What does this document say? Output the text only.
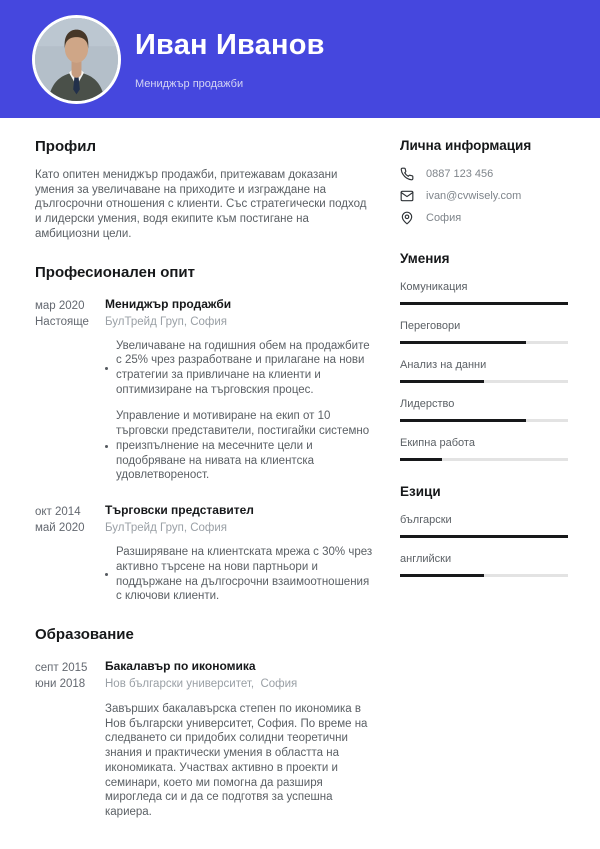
Иван Иванов
Мениджър продажби
Профил

Като опитен мениджър продажби, притежавам доказани умения за увеличаване на приходите и изграждане на дългосрочни отношения с клиенти. Със стратегически подход и лидерски умения, водя екипите към постигане на амбициозни цели.

Професионален опит
мар 2020
Настояще
Мениджър продажби
БулТрейд Груп, София
Увеличаване на годишния обем на продажбите с 25% чрез разработване и прилагане на нови стратегии за привличане на клиенти и оптимизиране на търговския процес.
Управление и мотивиране на екип от 10 търговски представители, постигайки системно преизпълнение на месечните цели и подобряване на нивата на клиентска удовлетвореност.
окт 2014
май 2020
Търговски представител
БулТрейд Груп, София
Разширяване на клиентската мрежа с 30% чрез активно търсене на нови партньори и поддържане на дългосрочни взаимоотношения с ключови клиенти.
Образование
септ 2015
юни 2018
Бакалавър по икономика
Нов български университет,  София

Завърших бакалавърска степен по икономика в Нов български университет, София. По време на следването си придобих солидни теоретични знания и практически умения в областта на икономиката. Участвах активно в проекти и семинари, което ми помогна да разширя мирогледа си и да се подготвя за успешна кариера.

Лична информация
0887 123 456
ivan@cvwisely.com
София
Умения
Комуникация
Переговори
Анализ на данни
Лидерство
Екипна работа
Езици
български
английски
